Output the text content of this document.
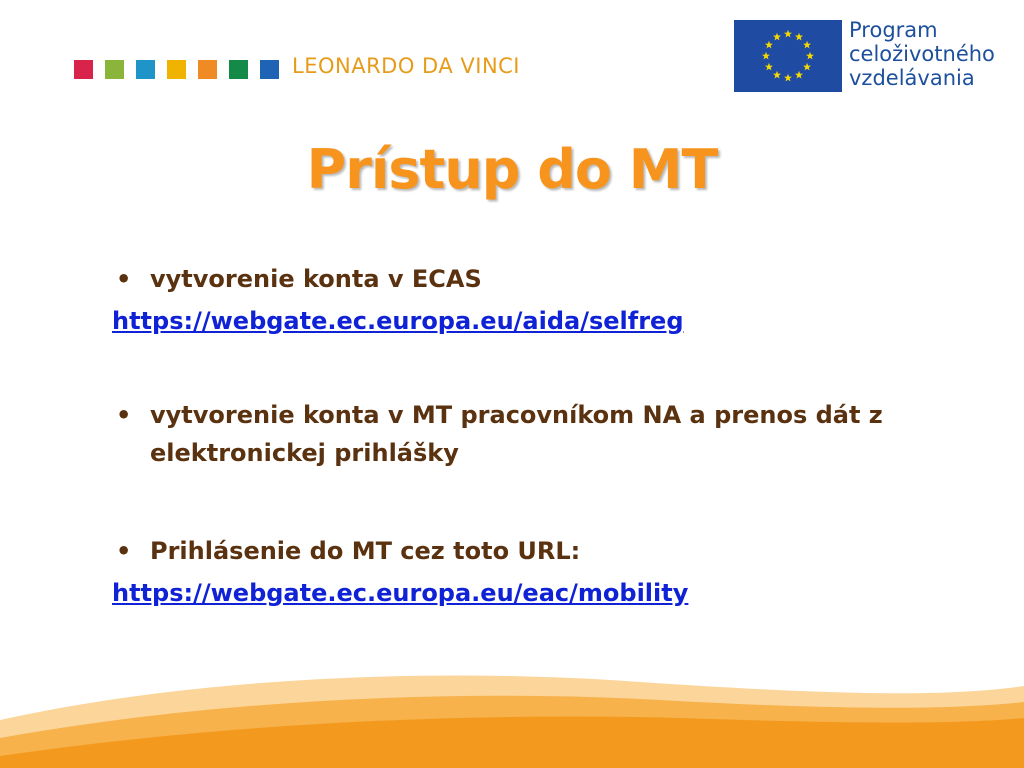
LEONARDO DA VINCI
Program
celoživotného
vzdelávania
Prístup do MT
• vytvorenie konta v ECAS
https://webgate.ec.europa.eu/aida/selfreg
• vytvorenie konta v MT pracovníkom NA a prenos dát z
elektronickej prihlášky
• Prihlásenie do MT cez toto URL:
https://webgate.ec.europa.eu/eac/mobility
